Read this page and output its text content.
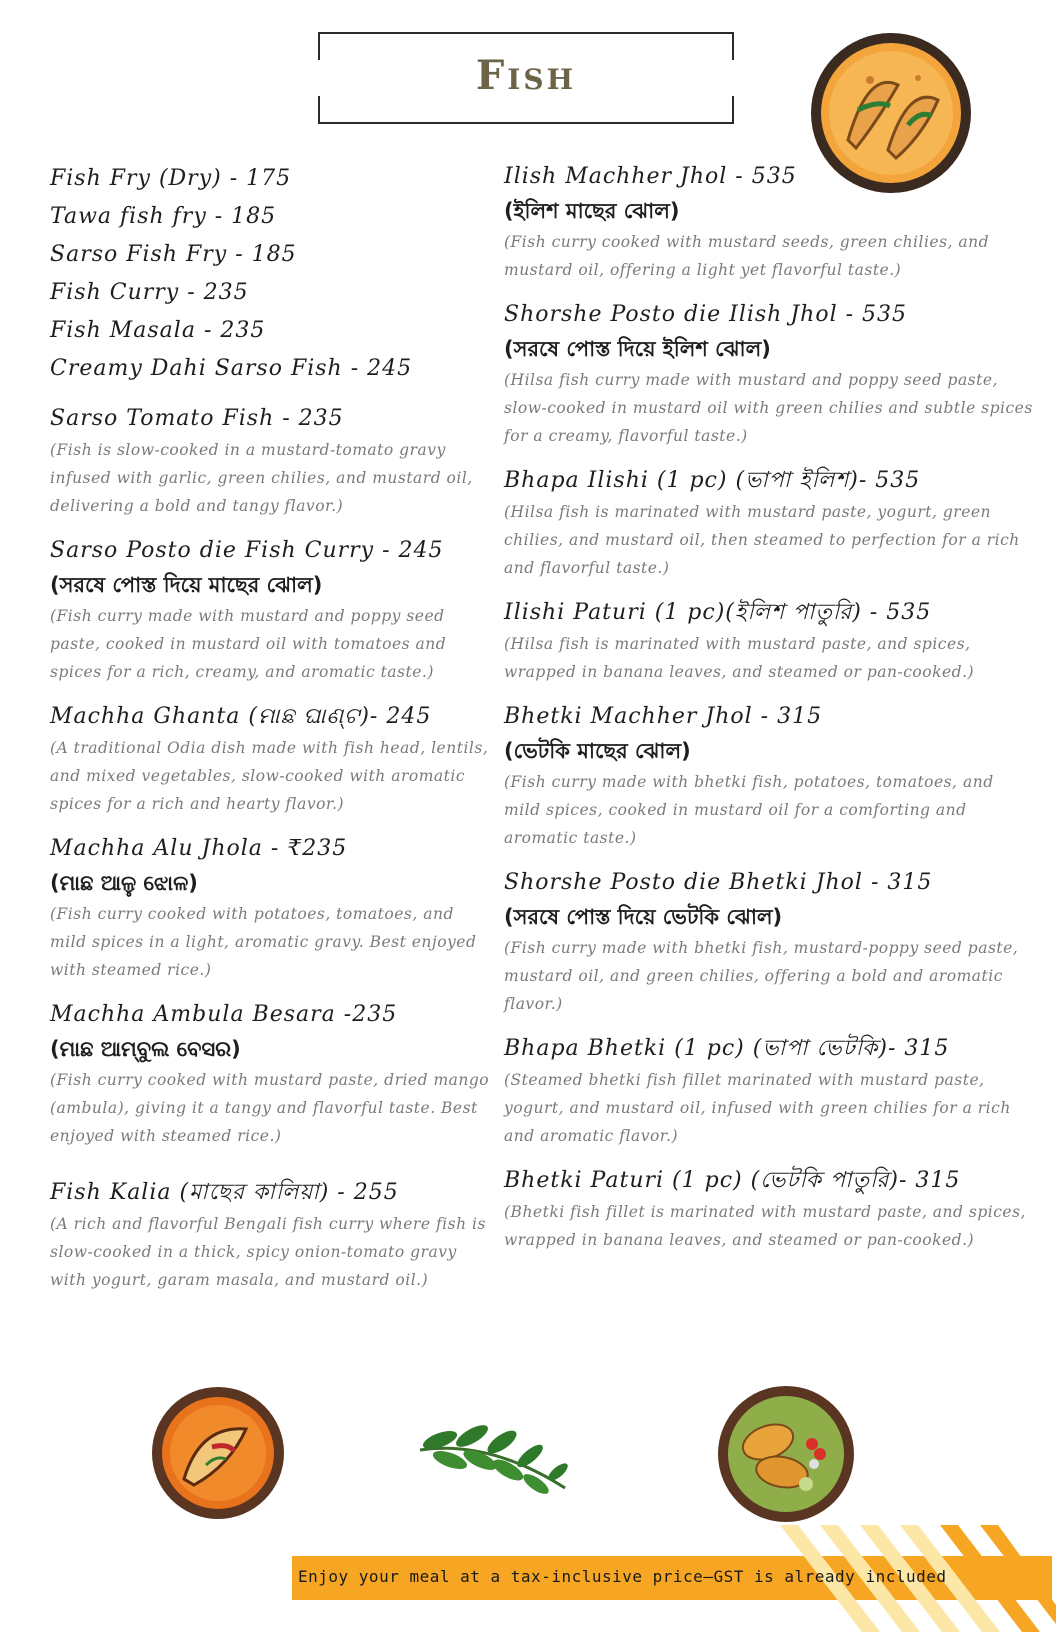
Fish
Fish Fry (Dry) - 175
Tawa fish fry - 185
Sarso Fish Fry - 185
Fish Curry - 235
Fish Masala - 235
Creamy Dahi Sarso Fish - 245
Sarso Tomato Fish - 235
(Fish is slow-cooked in a mustard-tomato gravy infused with garlic, green chilies, and mustard oil, delivering a bold and tangy flavor.)
Sarso Posto die Fish Curry - 245
(সরষে পোস্ত দিয়ে মাছের ঝোল)
(Fish curry made with mustard and poppy seed paste, cooked in mustard oil with tomatoes and spices for a rich, creamy, and aromatic taste.)
Machha Ghanta (ମାଛ ଘାଣ୍ଟ)- 245
(A traditional Odia dish made with fish head, lentils, and mixed vegetables, slow-cooked with aromatic spices for a rich and hearty flavor.)
Machha Alu Jhola - ₹235
(ମାଛ ଆଳୁ ଝୋଳ)
(Fish curry cooked with potatoes, tomatoes, and mild spices in a light, aromatic gravy. Best enjoyed with steamed rice.)
Machha Ambula Besara -235
(ମାଛ ଆମ୍ବୁଲ ବେସର)
(Fish curry cooked with mustard paste, dried mango (ambula), giving it a tangy and flavorful taste. Best enjoyed with steamed rice.)
Fish Kalia (মাছের কালিয়া) - 255
(A rich and flavorful Bengali fish curry where fish is slow-cooked in a thick, spicy onion-tomato gravy with yogurt, garam masala, and mustard oil.)
Ilish Machher Jhol - 535
(ইলিশ মাছের ঝোল)
(Fish curry cooked with mustard seeds, green chilies, and mustard oil, offering a light yet flavorful taste.)
Shorshe Posto die Ilish Jhol - 535
(সরষে পোস্ত দিয়ে ইলিশ ঝোল)
(Hilsa fish curry made with mustard and poppy seed paste, slow-cooked in mustard oil with green chilies and subtle spices for a creamy, flavorful taste.)
Bhapa Ilishi (1 pc) (ভাপা ইলিশ)- 535
(Hilsa fish is marinated with mustard paste, yogurt, green chilies, and mustard oil, then steamed to perfection for a rich and flavorful taste.)
Ilishi Paturi (1 pc)(ইলিশ পাতুরি) - 535
(Hilsa fish is marinated with mustard paste, and spices, wrapped in banana leaves, and steamed or pan-cooked.)
Bhetki Machher Jhol - 315
(ভেটকি মাছের ঝোল)
(Fish curry made with bhetki fish, potatoes, tomatoes, and mild spices, cooked in mustard oil for a comforting and aromatic taste.)
Shorshe Posto die Bhetki Jhol - 315
(সরষে পোস্ত দিয়ে ভেটকি ঝোল)
(Fish curry made with bhetki fish, mustard-poppy seed paste, mustard oil, and green chilies, offering a bold and aromatic flavor.)
Bhapa Bhetki (1 pc) (ভাপা ভেটকি)- 315
(Steamed bhetki fish fillet marinated with mustard paste, yogurt, and mustard oil, infused with green chilies for a rich and aromatic flavor.)
Bhetki Paturi (1 pc) (ভেটকি পাতুরি)- 315
(Bhetki fish fillet is marinated with mustard paste, and spices, wrapped in banana leaves, and steamed or pan-cooked.)
Enjoy your meal at a tax-inclusive price—GST is already included
